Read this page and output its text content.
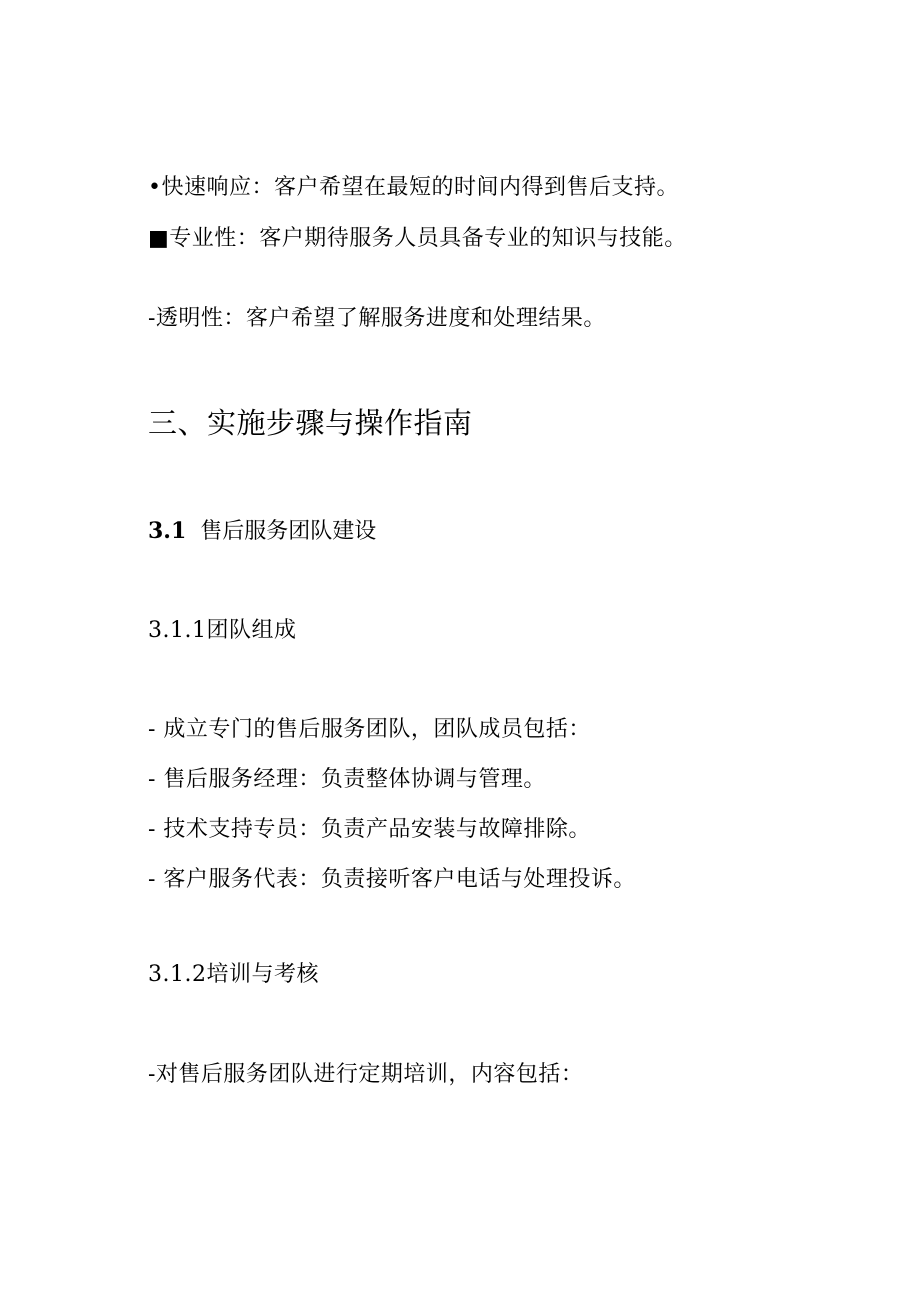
•快速响应：客户希望在最短的时间内得到售后支持。
■专业性：客户期待服务人员具备专业的知识与技能。
-透明性：客户希望了解服务进度和处理结果。
三、实施步骤与操作指南
3.1 售后服务团队建设
3.1.1团队组成
- 成立专门的售后服务团队，团队成员包括：
- 售后服务经理：负责整体协调与管理。
- 技术支持专员：负责产品安装与故障排除。
- 客户服务代表：负责接听客户电话与处理投诉。
3.1.2培训与考核
-对售后服务团队进行定期培训，内容包括：
